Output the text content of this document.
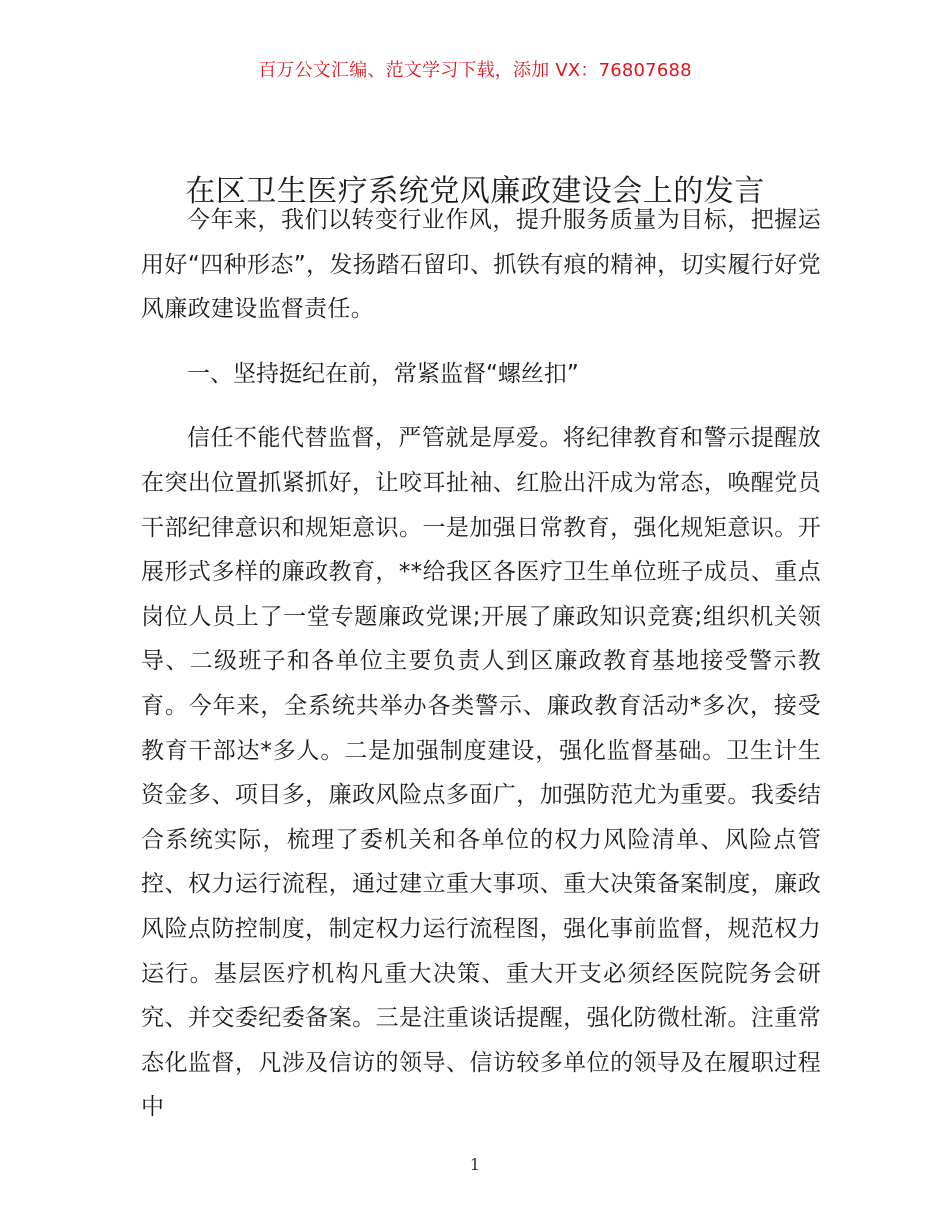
百万公文汇编、范文学习下载，添加 VX：76807688
在区卫生医疗系统党风廉政建设会上的发言

今年来，我们以转变行业作风，提升服务质量为目标，把握运用好“四种形态”，发扬踏石留印、抓铁有痕的精神，切实履行好党风廉政建设监督责任。

一、坚持挺纪在前，常紧监督“螺丝扣”

信任不能代替监督，严管就是厚爱。将纪律教育和警示提醒放在突出位置抓紧抓好，让咬耳扯袖、红脸出汗成为常态，唤醒党员干部纪律意识和规矩意识。一是加强日常教育，强化规矩意识。开展形式多样的廉政教育，**给我区各医疗卫生单位班子成员、重点岗位人员上了一堂专题廉政党课;开展了廉政知识竞赛;组织机关领导、二级班子和各单位主要负责人到区廉政教育基地接受警示教育。今年来，全系统共举办各类警示、廉政教育活动*多次，接受教育干部达*多人。二是加强制度建设，强化监督基础。卫生计生资金多、项目多，廉政风险点多面广，加强防范尤为重要。我委结合系统实际，梳理了委机关和各单位的权力风险清单、风险点管控、权力运行流程，通过建立重大事项、重大决策备案制度，廉政风险点防控制度，制定权力运行流程图，强化事前监督，规范权力运行。基层医疗机构凡重大决策、重大开支必须经医院院务会研究、并交委纪委备案。三是注重谈话提醒，强化防微杜渐。注重常态化监督，凡涉及信访的领导、信访较多单位的领导及在履职过程中

1
